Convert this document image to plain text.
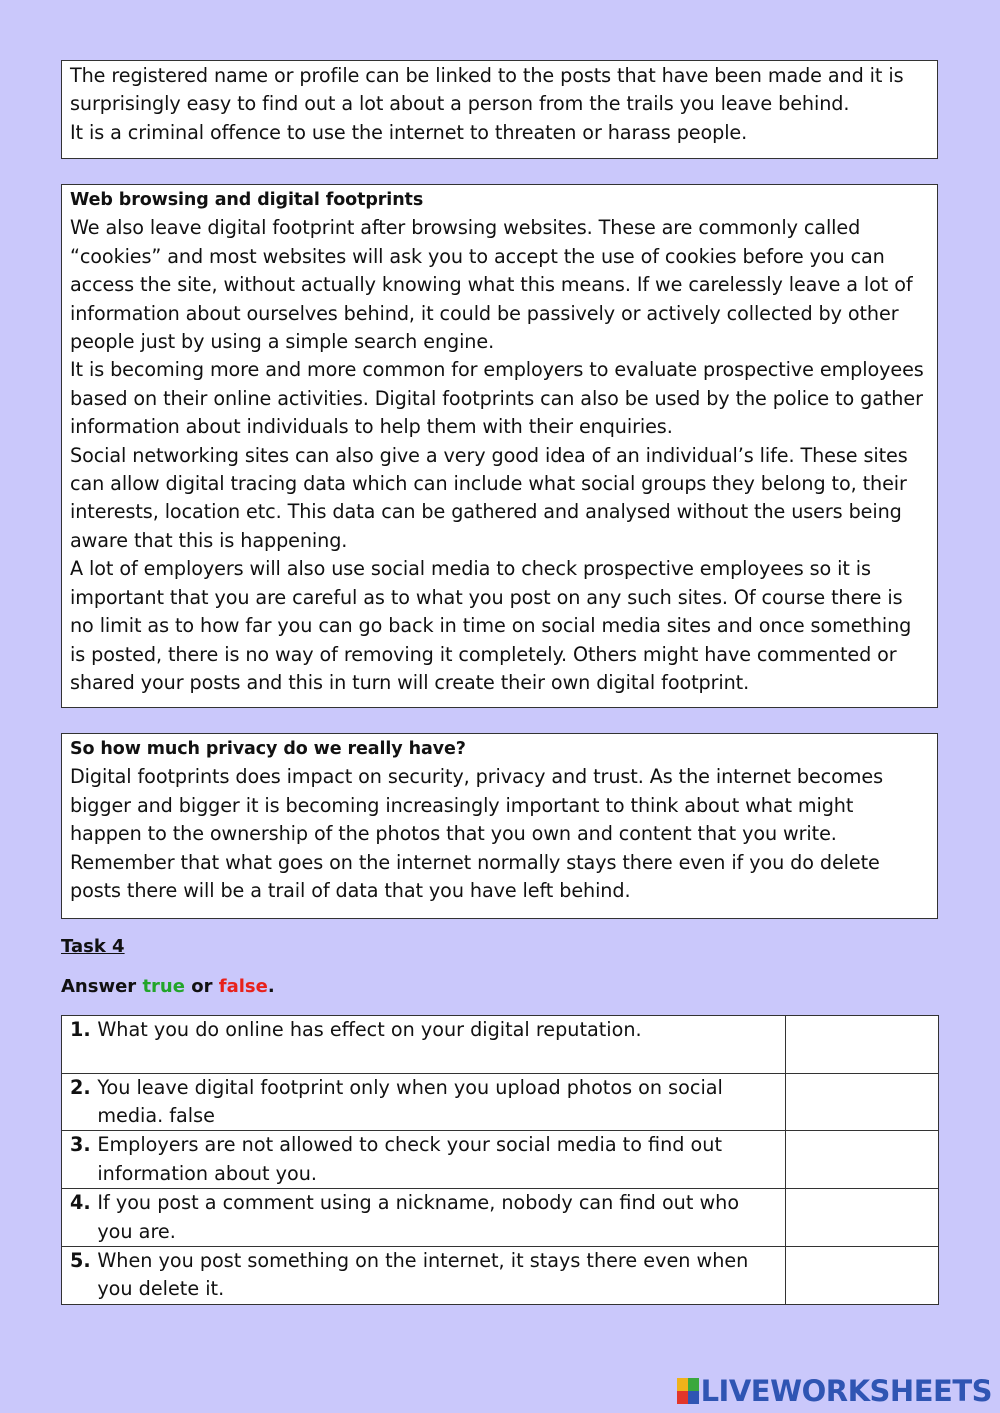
The registered name or profile can be linked to the posts that have been made and it is surprisingly easy to find out a lot about a person from the trails you leave behind.

It is a criminal offence to use the internet to threaten or harass people.

Web browsing and digital footprints

We also leave digital footprint after browsing websites. These are commonly called “cookies” and most websites will ask you to accept the use of cookies before you can access the site, without actually knowing what this means. If we carelessly leave a lot of information about ourselves behind, it could be passively or actively collected by other people just by using a simple search engine.

It is becoming more and more common for employers to evaluate prospective employees based on their online activities. Digital footprints can also be used by the police to gather information about individuals to help them with their enquiries.

Social networking sites can also give a very good idea of an individual’s life. These sites can allow digital tracing data which can include what social groups they belong to, their interests, location etc. This data can be gathered and analysed without the users being aware that this is happening.

A lot of employers will also use social media to check prospective employees so it is important that you are careful as to what you post on any such sites. Of course there is no limit as to how far you can go back in time on social media sites and once something is posted, there is no way of removing it completely. Others might have commented or shared your posts and this in turn will create their own digital footprint.

So how much privacy do we really have?

Digital footprints does impact on security, privacy and trust. As the internet becomes bigger and bigger it is becoming increasingly important to think about what might happen to the ownership of the photos that you own and content that you write. Remember that what goes on the internet normally stays there even if you do delete posts there will be a trail of data that you have left behind.

Task 4
Answer true or false.
1. What you do online has effect on your digital reputation.	

2. You leave digital footprint only when you upload photos on social media. false	

3. Employers are not allowed to check your social media to find out information about you.	

4. If you post a comment using a nickname, nobody can find out who you are.	

5. When you post something on the internet, it stays there even when you delete it.	

LIVEWORKSHEETS
